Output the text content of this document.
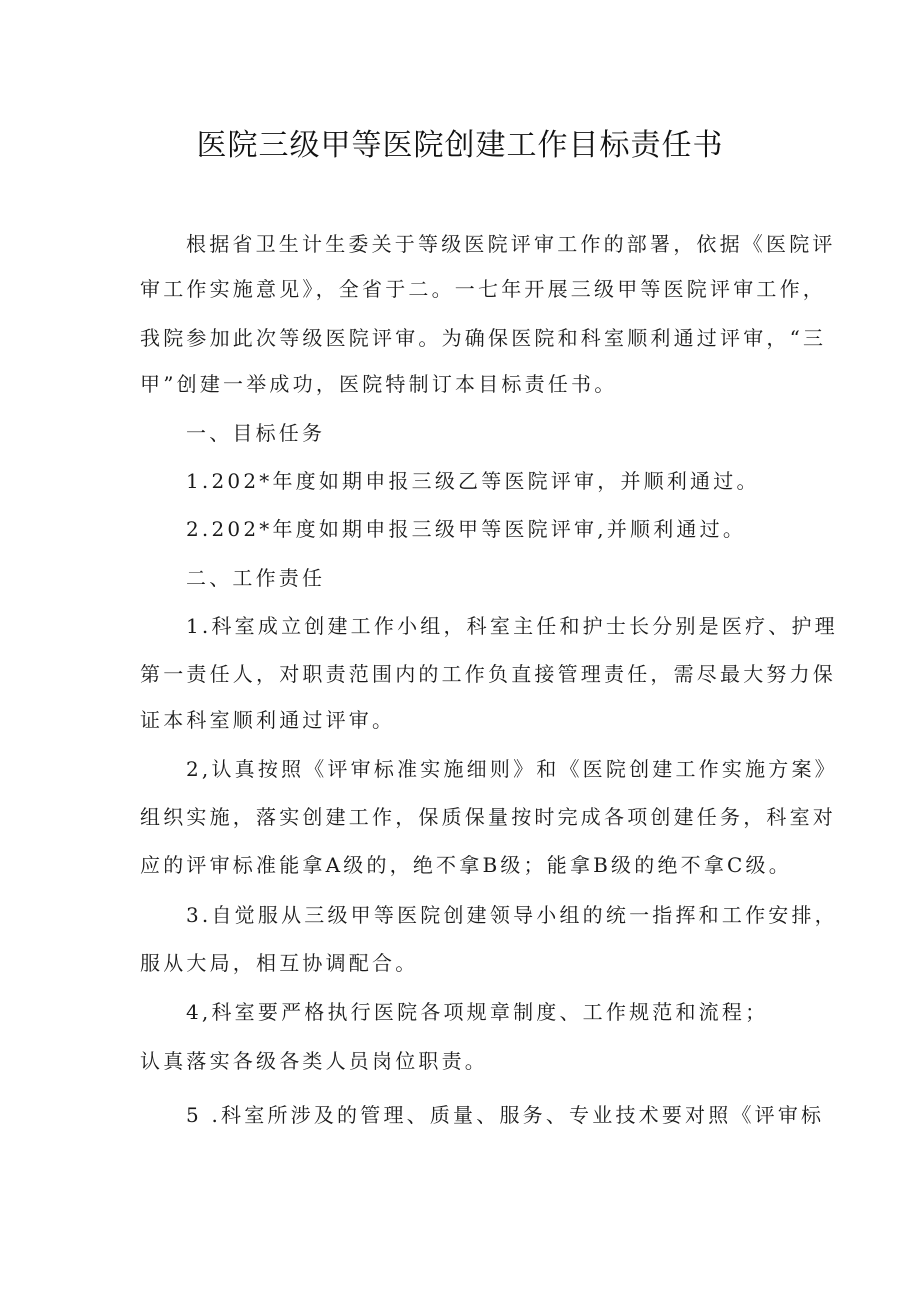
医院三级甲等医院创建工作目标责任书
根据省卫生计生委关于等级医院评审工作的部署，依据《医院评
审工作实施意见》，全省于二。一七年开展三级甲等医院评审工作，
我院参加此次等级医院评审。为确保医院和科室顺利通过评审，“三
甲”创建一举成功，医院特制订本目标责任书。
一、目标任务
1.202*年度如期申报三级乙等医院评审，并顺利通过。
2.202*年度如期申报三级甲等医院评审,并顺利通过。
二、工作责任
1.科室成立创建工作小组，科室主任和护士长分别是医疗、护理
第一责任人，对职责范围内的工作负直接管理责任，需尽最大努力保
证本科室顺利通过评审。
2,认真按照《评审标准实施细则》和《医院创建工作实施方案》
组织实施，落实创建工作，保质保量按时完成各项创建任务，科室对
应的评审标准能拿A级的，绝不拿B级；能拿B级的绝不拿C级。
3.自觉服从三级甲等医院创建领导小组的统一指挥和工作安排，
服从大局，相互协调配合。
4,科室要严格执行医院各项规章制度、工作规范和流程；
认真落实各级各类人员岗位职责。
5 .科室所涉及的管理、质量、服务、专业技术要对照《评审标
